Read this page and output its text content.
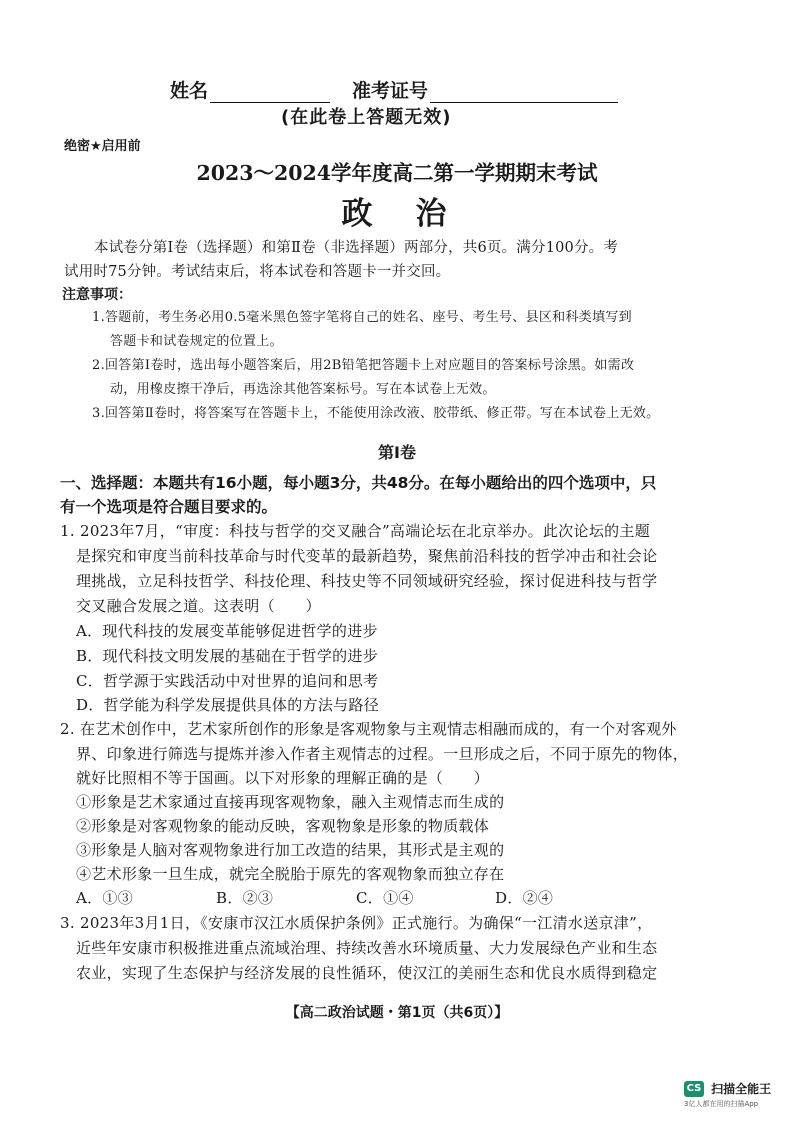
姓名	准考证号
(在此卷上答题无效)
绝密★启用前
2023～2024学年度高二第一学期期末考试
政　治
本试卷分第Ⅰ卷（选择题）和第Ⅱ卷（非选择题）两部分，共6页。满分100分。考
试用时75分钟。考试结束后，将本试卷和答题卡一并交回。
注意事项：
1.答题前，考生务必用0.5毫米黑色签字笔将自己的姓名、座号、考生号、县区和科类填写到
答题卡和试卷规定的位置上。
2.回答第Ⅰ卷时，选出每小题答案后，用2B铅笔把答题卡上对应题目的答案标号涂黑。如需改
动，用橡皮擦干净后，再选涂其他答案标号。写在本试卷上无效。
3.回答第Ⅱ卷时，将答案写在答题卡上，不能使用涂改液、胶带纸、修正带。写在本试卷上无效。
第Ⅰ卷
一、选择题：本题共有16小题，每小题3分，共48分。在每小题给出的四个选项中，只
有一个选项是符合题目要求的。
1. 2023年7月，“审度：科技与哲学的交叉融合”高端论坛在北京举办。此次论坛的主题
是探究和审度当前科技革命与时代变革的最新趋势，聚焦前沿科技的哲学冲击和社会论
理挑战，立足科技哲学、科技伦理、科技史等不同领域研究经验，探讨促进科技与哲学
交叉融合发展之道。这表明（　　）
A．现代科技的发展变革能够促进哲学的进步
B．现代科技文明发展的基础在于哲学的进步
C．哲学源于实践活动中对世界的追问和思考
D．哲学能为科学发展提供具体的方法与路径
2. 在艺术创作中，艺术家所创作的形象是客观物象与主观情志相融而成的，有一个对客观外
界、印象进行筛选与提炼并渗入作者主观情志的过程。一旦形成之后，不同于原先的物体，
就好比照相不等于国画。以下对形象的理解正确的是（　　）
①形象是艺术家通过直接再现客观物象，融入主观情志而生成的
②形象是对客观物象的能动反映，客观物象是形象的物质载体
③形象是人脑对客观物象进行加工改造的结果，其形式是主观的
④艺术形象一旦生成，就完全脱胎于原先的客观物象而独立存在
A．①③	B．②③	C．①④	D．②④
3. 2023年3月1日，《安康市汉江水质保护条例》正式施行。为确保“一江清水送京津”，
近些年安康市积极推进重点流域治理、持续改善水环境质量、大力发展绿色产业和生态
农业，实现了生态保护与经济发展的良性循环，使汉江的美丽生态和优良水质得到稳定
【高二政治试题・第1页（共6页）】
CS 扫描全能王
3亿人都在用的扫描App
